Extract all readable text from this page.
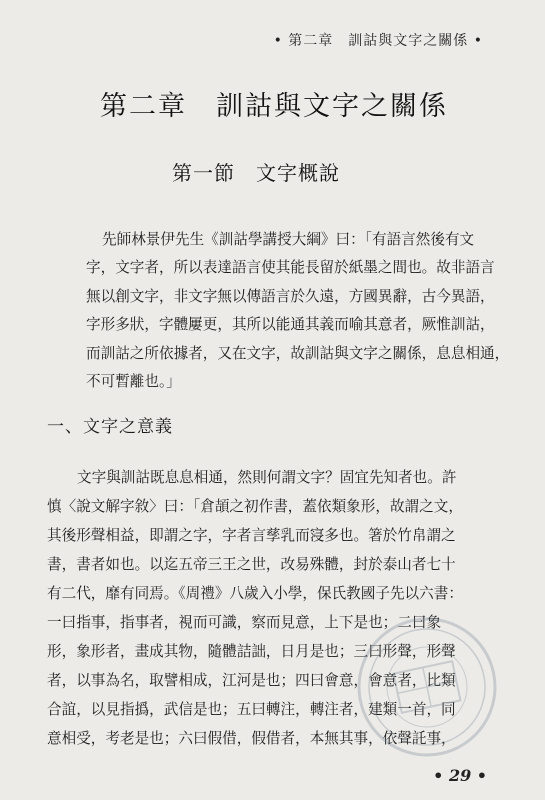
• 第二章　訓詁與文字之關係 •
第二章　訓詁與文字之關係
第一節　文字概說

先師林景伊先生《訓詁學講授大綱》曰：「有語言然後有文
字，文字者，所以表達語言使其能長留於紙墨之間也。故非語言
無以創文字，非文字無以傳語言於久遠，方國異辭，古今異語，
字形多狀，字體屢更，其所以能通其義而喻其意者，厥惟訓詁，
而訓詁之所依據者，又在文字，故訓詁與文字之關係，息息相通，
不可暫離也。」

一、文字之意義

文字與訓詁既息息相通，然則何謂文字？固宜先知者也。許
慎〈說文解字敘〉曰：「倉頡之初作書，蓋依類象形，故謂之文，
其後形聲相益，即謂之字，字者言孳乳而寖多也。箸於竹帛謂之
書，書者如也。以迄五帝三王之世，改易殊體，封於泰山者七十
有二代，靡有同焉。《周禮》八歲入小學，保氏教國子先以六書：
一曰指事，指事者，視而可識，察而見意，上下是也；二曰象
形，象形者，畫成其物，隨體詰詘，日月是也；三曰形聲，形聲
者，以事為名，取譬相成，江河是也；四曰會意，會意者，比類
合誼，以見指撝，武信是也；五曰轉注，轉注者，建類一首，同
意相受，考老是也；六曰假借，假借者，本無其事，依聲託事，

• 29 •
